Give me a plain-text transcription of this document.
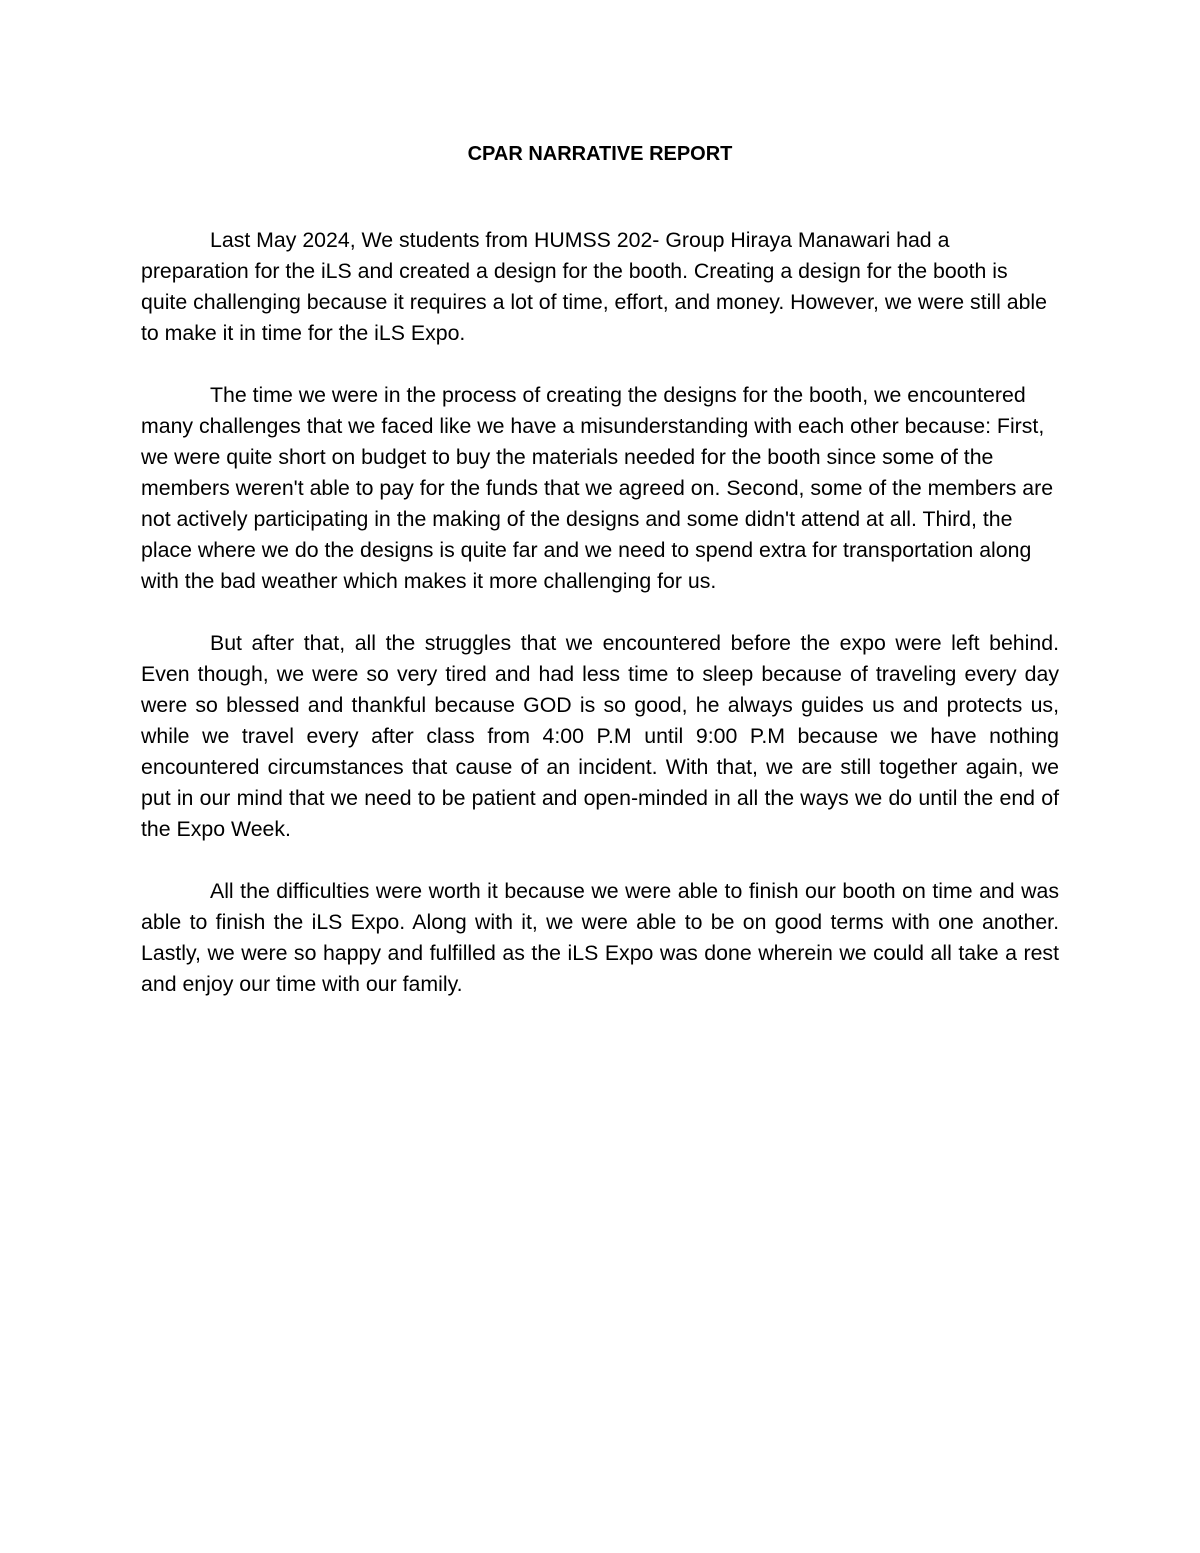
CPAR NARRATIVE REPORT

Last May 2024, We students from HUMSS 202- Group Hiraya Manawari had a preparation for the iLS and created a design for the booth. Creating a design for the booth is quite challenging because it requires a lot of time, effort, and money. However, we were still able to make it in time for the iLS Expo.

The time we were in the process of creating the designs for the booth, we encountered many challenges that we faced like we have a misunderstanding with each other because: First, we were quite short on budget to buy the materials needed for the booth since some of the members weren't able to pay for the funds that we agreed on. Second, some of the members are not actively participating in the making of the designs and some didn't attend at all. Third, the place where we do the designs is quite far and we need to spend extra for transportation along with the bad weather which makes it more challenging for us.

But after that, all the struggles that we encountered before the expo were left behind. Even though, we were so very tired and had less time to sleep because of traveling every day were so blessed and thankful because GOD is so good, he always guides us and protects us, while we travel every after class from 4:00 P.M until 9:00 P.M because we have nothing encountered circumstances that cause of an incident. With that, we are still together again, we put in our mind that we need to be patient and open-minded in all the ways we do until the end of the Expo Week.

All the difficulties were worth it because we were able to finish our booth on time and was able to finish the iLS Expo. Along with it, we were able to be on good terms with one another. Lastly, we were so happy and fulfilled as the iLS Expo was done wherein we could all take a rest and enjoy our time with our family.
